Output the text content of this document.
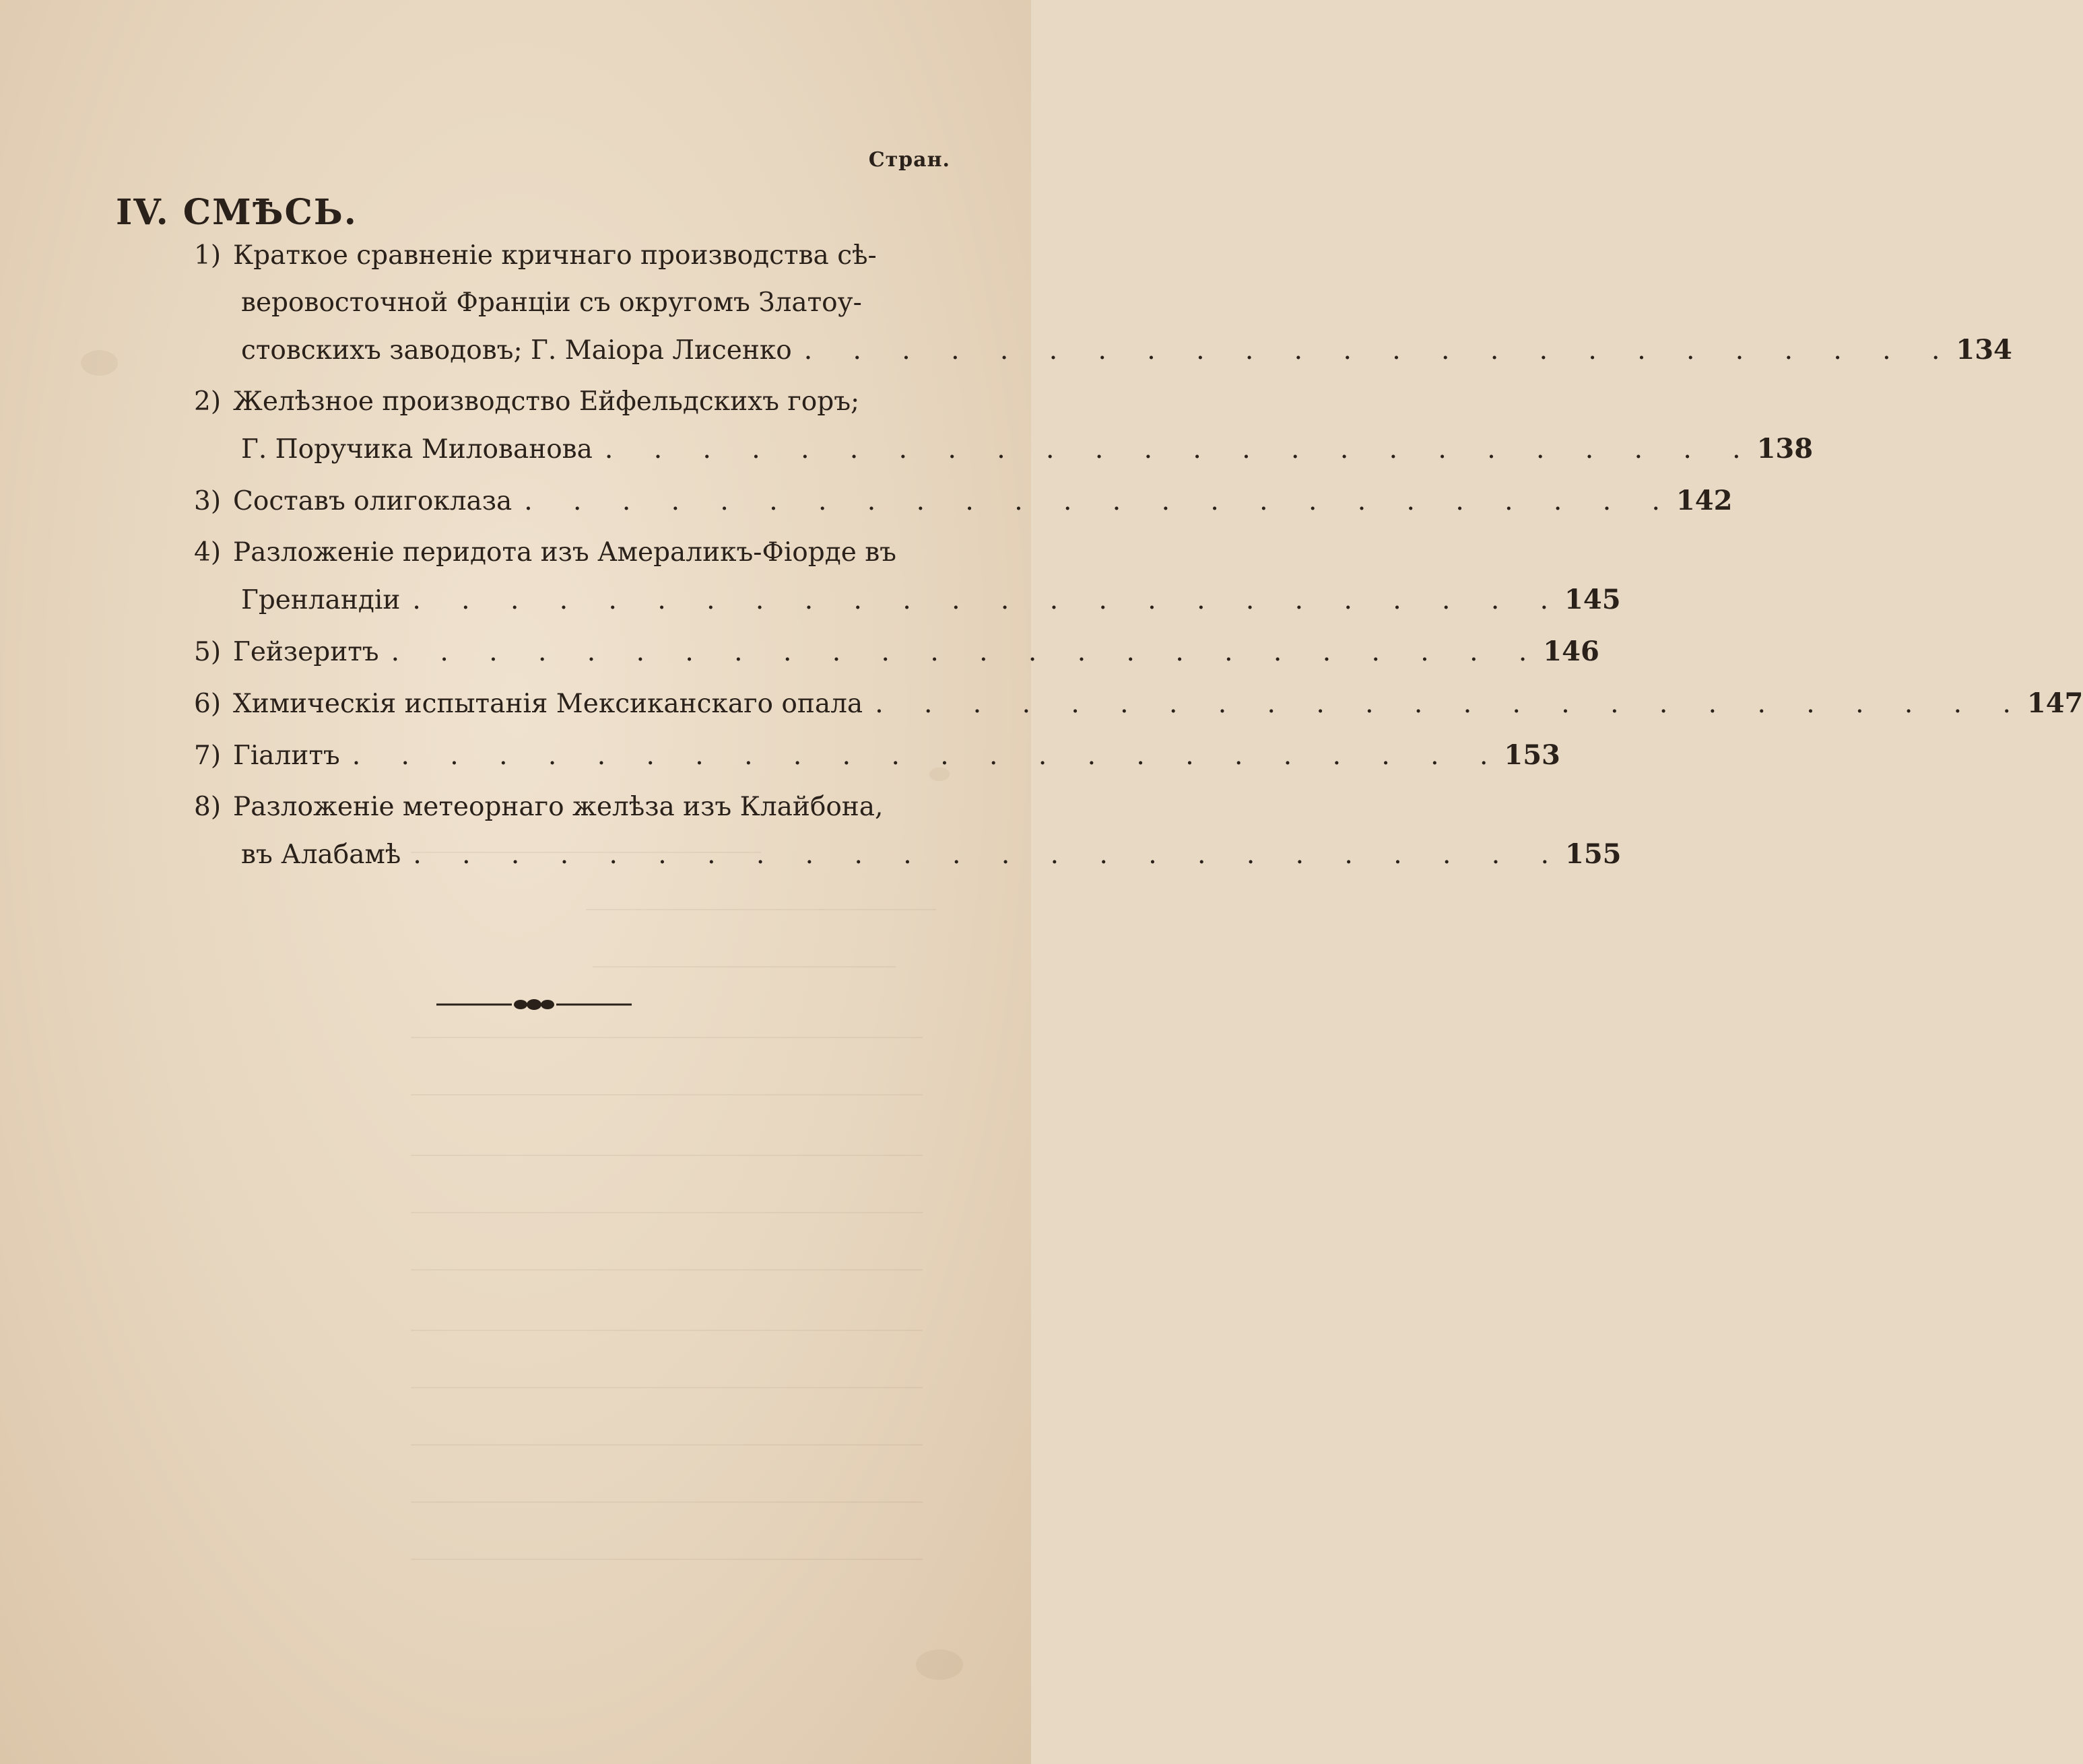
Стран.
IV. СМѢСЬ.
1) Краткое сравненіе кричнаго производства сѣ-
веровосточной Франціи съ округомъ Златоу-
стовскихъ заводовъ; Г. Маіора Лисенко . . . . . . . . . . . . . . . . . . . . . . . . 134
2) Желѣзное производство Ейфельдскихъ горъ;
Г. Поручика Милованова . . . . . . . . . . . . . . . . . . . . . . . . 138
3) Составъ олигоклаза . . . . . . . . . . . . . . . . . . . . . . . . 142
4) Разложеніе перидота изъ Амераликъ-Фіорде въ
Гренландіи . . . . . . . . . . . . . . . . . . . . . . . . 145
5) Гейзеритъ . . . . . . . . . . . . . . . . . . . . . . . . 146
6) Химическія испытанія Мексиканскаго опала . . . . . . . . . . . . . . . . . . . . . . . . 147
7) Гіалитъ . . . . . . . . . . . . . . . . . . . . . . . . 153
8) Разложеніе метеорнаго желѣза изъ Клайбона,
въ Алабамѣ . . . . . . . . . . . . . . . . . . . . . . . . 155
